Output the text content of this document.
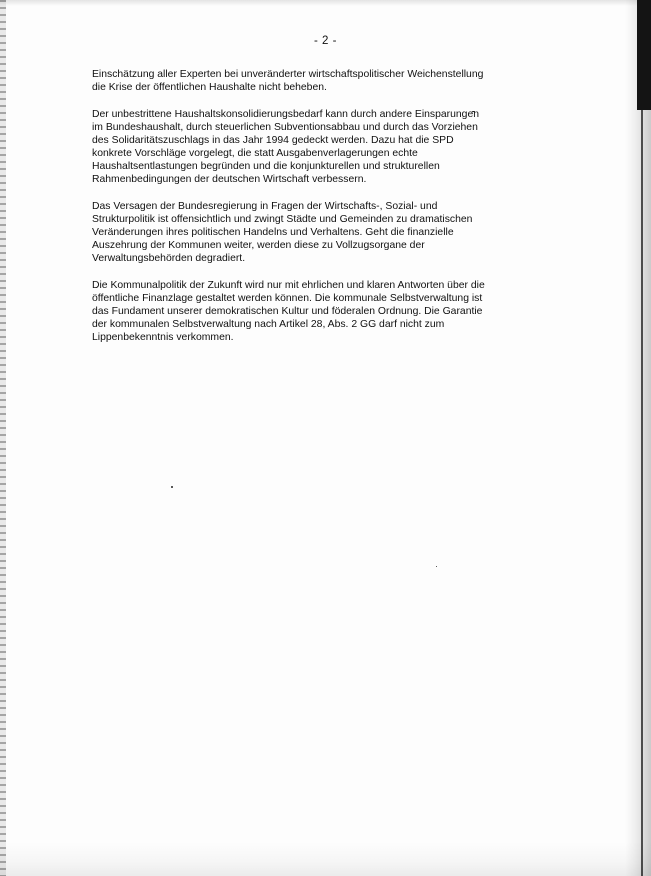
- 2 -

Einschätzung aller Experten bei unveränderter wirtschaftspolitischer Weichenstellung
die Krise der öffentlichen Haushalte nicht beheben.

Der unbestrittene Haushaltskonsolidierungsbedarf kann durch andere Einsparungen
im Bundeshaushalt, durch steuerlichen Subventionsabbau und durch das Vorziehen
des Solidaritätszuschlags in das Jahr 1994 gedeckt werden. Dazu hat die SPD
konkrete Vorschläge vorgelegt, die statt Ausgabenverlagerungen echte
Haushaltsentlastungen begründen und die konjunkturellen und strukturellen
Rahmenbedingungen der deutschen Wirtschaft verbessern.

Das Versagen der Bundesregierung in Fragen der Wirtschafts-, Sozial- und
Strukturpolitik ist offensichtlich und zwingt Städte und Gemeinden zu dramatischen
Veränderungen ihres politischen Handelns und Verhaltens. Geht die finanzielle
Auszehrung der Kommunen weiter, werden diese zu Vollzugsorgane der
Verwaltungsbehörden degradiert.

Die Kommunalpolitik der Zukunft wird nur mit ehrlichen und klaren Antworten über die
öffentliche Finanzlage gestaltet werden können. Die kommunale Selbstverwaltung ist
das Fundament unserer demokratischen Kultur und föderalen Ordnung. Die Garantie
der kommunalen Selbstverwaltung nach Artikel 28, Abs. 2 GG darf nicht zum
Lippenbekenntnis verkommen.
